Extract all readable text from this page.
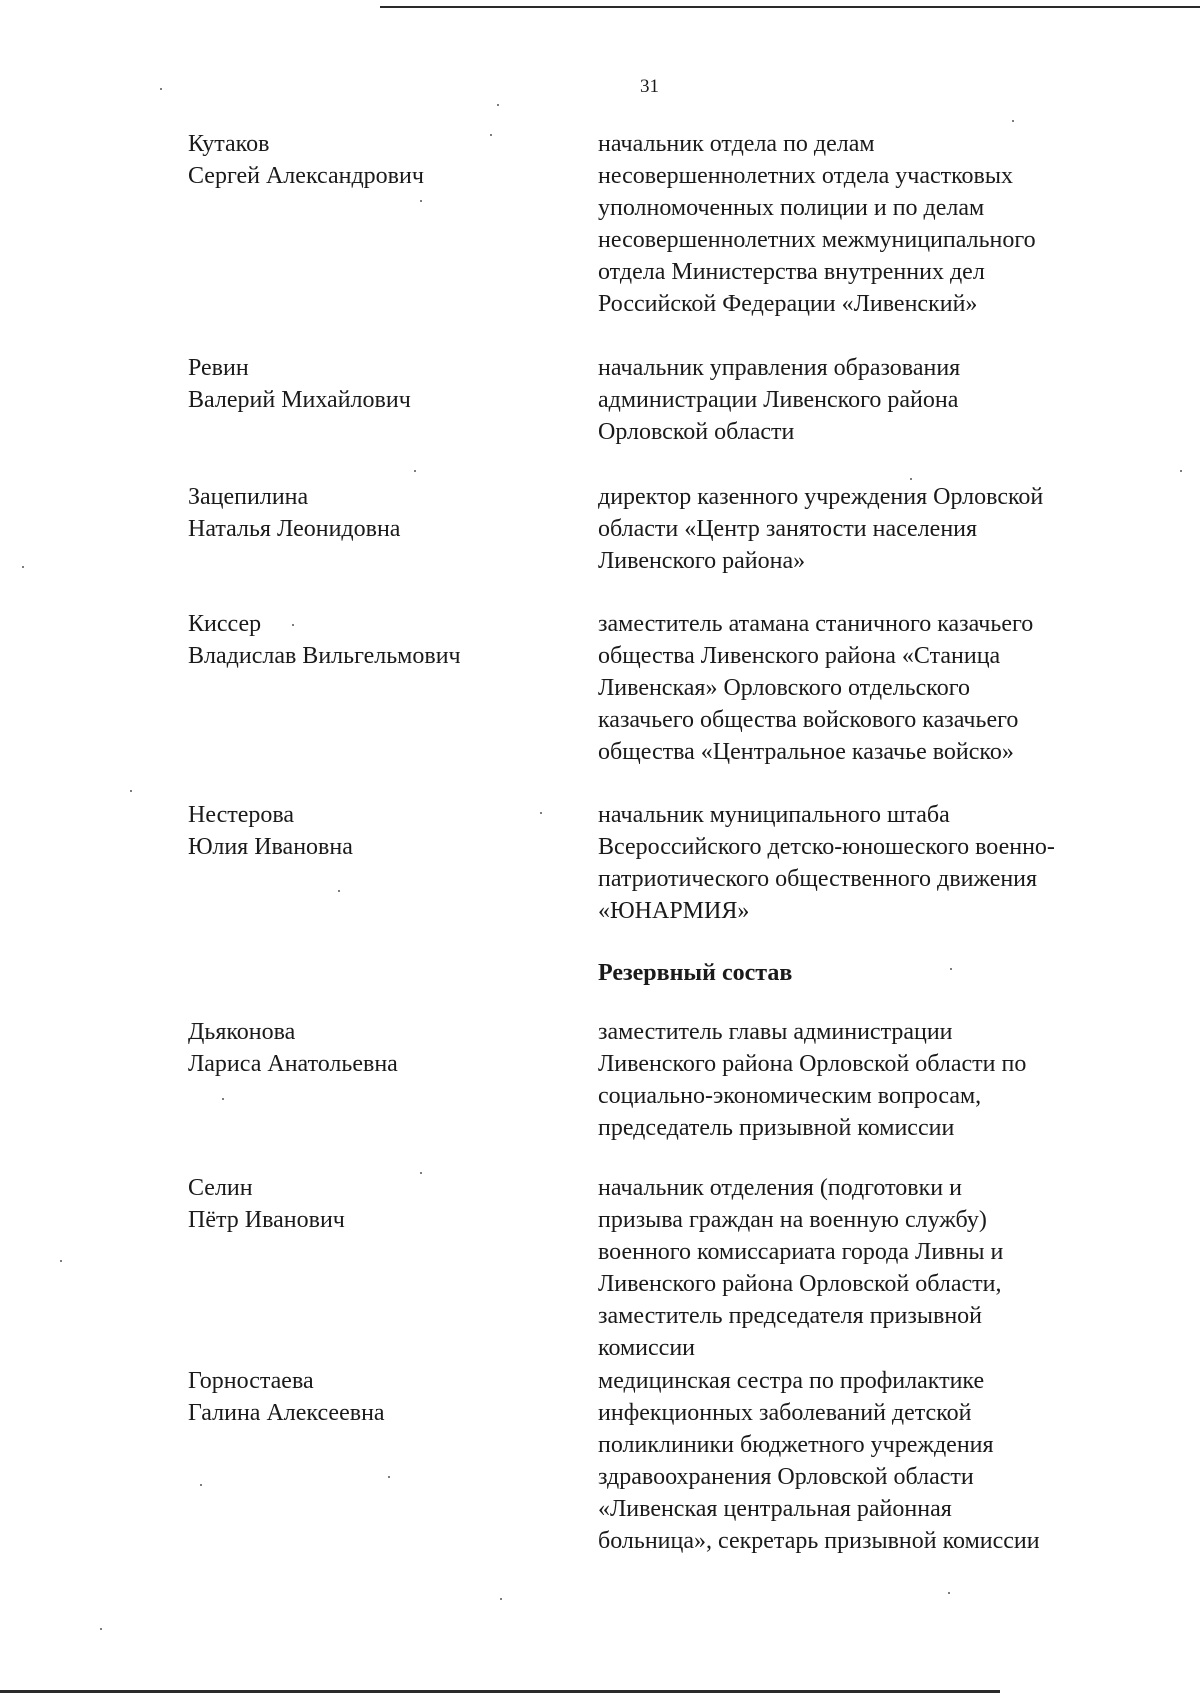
31
Кутаков
Сергей Александрович
начальник отдела по делам
несовершеннолетних отдела участковых
уполномоченных полиции и по делам
несовершеннолетних межмуниципального
отдела Министерства внутренних дел
Российской Федерации «Ливенский»
Ревин
Валерий Михайлович
начальник управления образования
администрации Ливенского района
Орловской области
Зацепилина
Наталья Леонидовна
директор казенного учреждения Орловской
области «Центр занятости населения
Ливенского района»
Киссер
Владислав Вильгельмович
заместитель атамана станичного казачьего
общества Ливенского района «Станица
Ливенская» Орловского отдельского
казачьего общества войскового казачьего
общества «Центральное казачье войско»
Нестерова
Юлия Ивановна
начальник муниципального штаба
Всероссийского детско-юношеского военно-
патриотического общественного движения
«ЮНАРМИЯ»
Резервный состав
Дьяконова
Лариса Анатольевна
заместитель главы администрации
Ливенского района Орловской области по
социально-экономическим вопросам,
председатель призывной комиссии
Селин
Пётр Иванович
начальник отделения (подготовки и
призыва граждан на военную службу)
военного комиссариата города Ливны и
Ливенского района Орловской области,
заместитель председателя призывной
комиссии
Горностаева
Галина Алексеевна
медицинская сестра по профилактике
инфекционных заболеваний детской
поликлиники бюджетного учреждения
здравоохранения Орловской области
«Ливенская центральная районная
больница», секретарь призывной комиссии
